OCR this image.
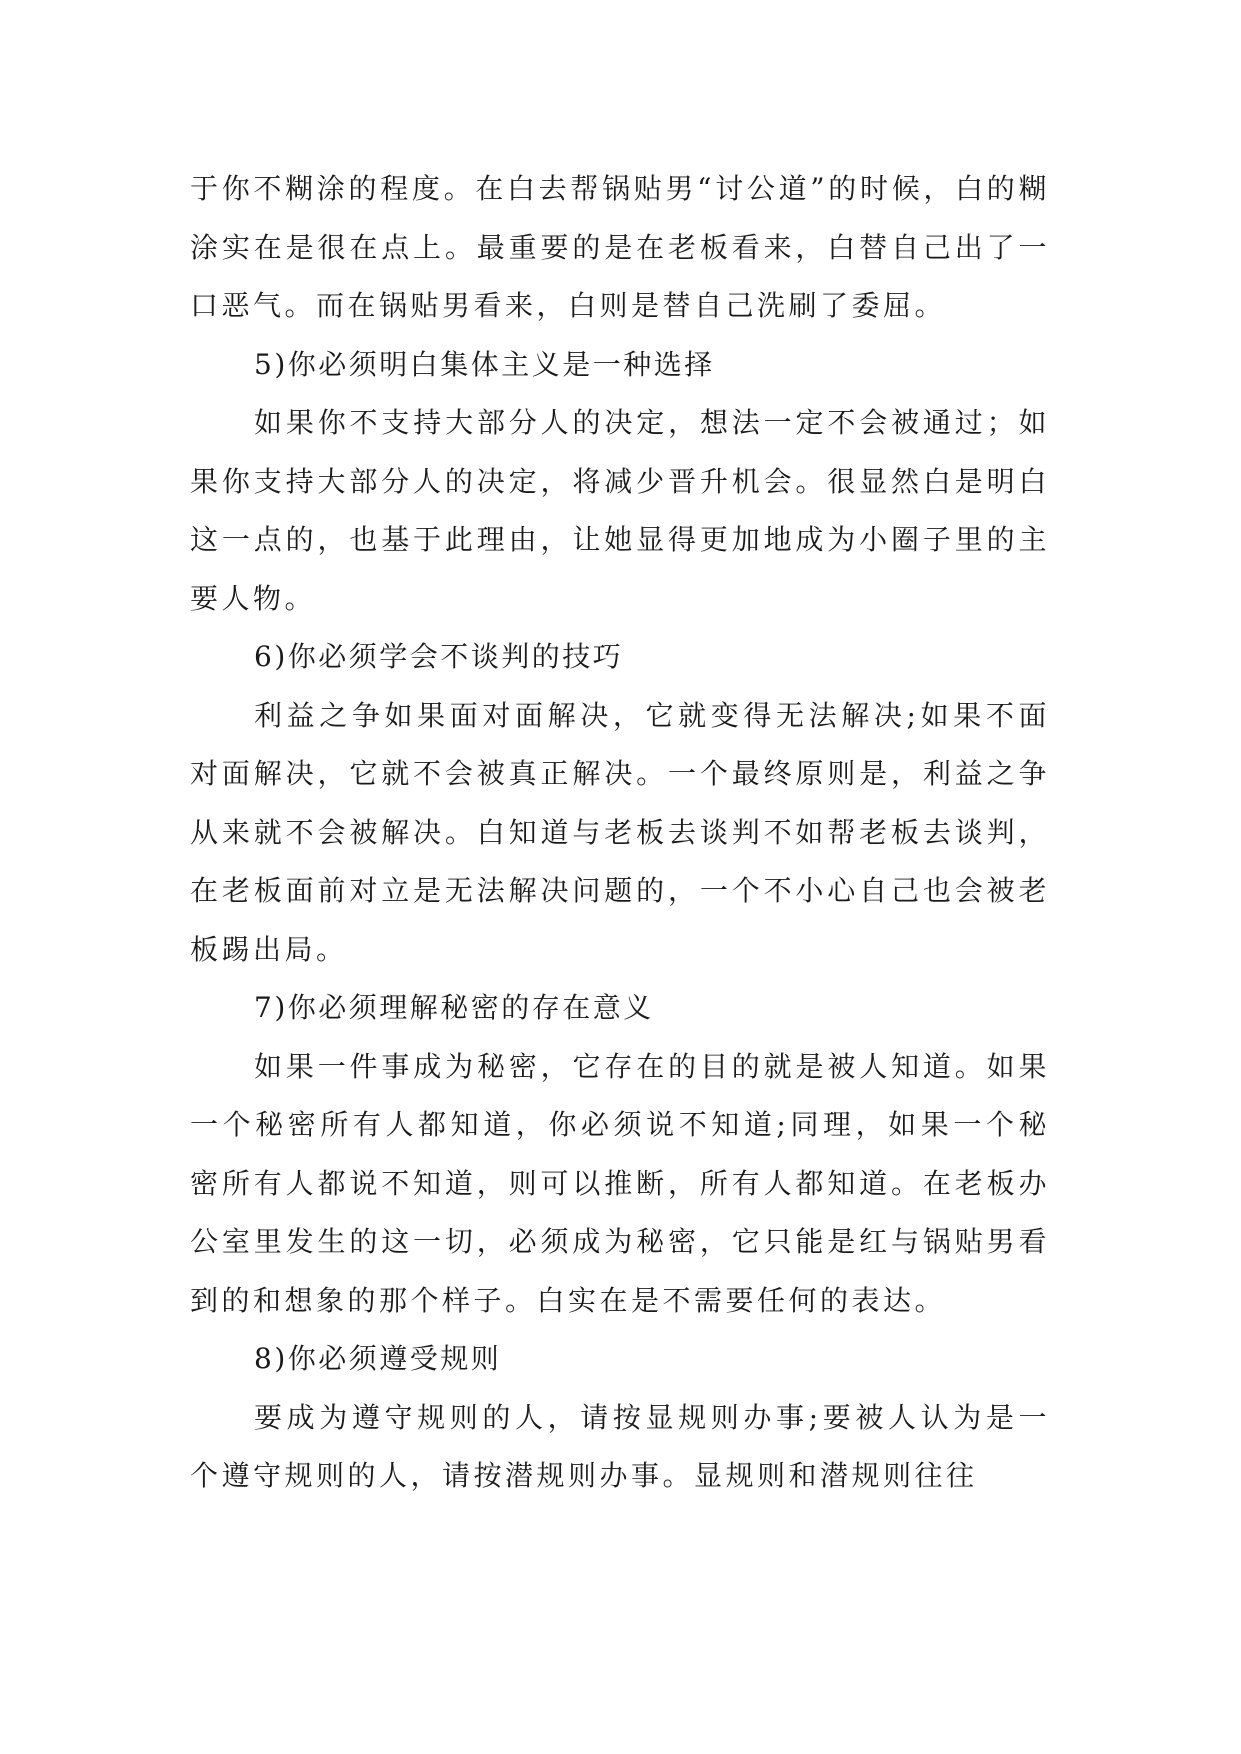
于你不糊涂的程度。在白去帮锅贴男“讨公道”的时候，白的糊涂实在是很在点上。最重要的是在老板看来，白替自己出了一口恶气。而在锅贴男看来，白则是替自己洗刷了委屈。

5)你必须明白集体主义是一种选择

如果你不支持大部分人的决定，想法一定不会被通过；如果你支持大部分人的决定，将减少晋升机会。很显然白是明白这一点的，也基于此理由，让她显得更加地成为小圈子里的主要人物。

6)你必须学会不谈判的技巧

利益之争如果面对面解决，它就变得无法解决;如果不面对面解决，它就不会被真正解决。一个最终原则是，利益之争从来就不会被解决。白知道与老板去谈判不如帮老板去谈判，在老板面前对立是无法解决问题的，一个不小心自己也会被老板踢出局。

7)你必须理解秘密的存在意义

如果一件事成为秘密，它存在的目的就是被人知道。如果一个秘密所有人都知道，你必须说不知道;同理，如果一个秘密所有人都说不知道，则可以推断，所有人都知道。在老板办公室里发生的这一切，必须成为秘密，它只能是红与锅贴男看到的和想象的那个样子。白实在是不需要任何的表达。

8)你必须遵受规则

要成为遵守规则的人，请按显规则办事;要被人认为是一个遵守规则的人，请按潜规则办事。显规则和潜规则往往
